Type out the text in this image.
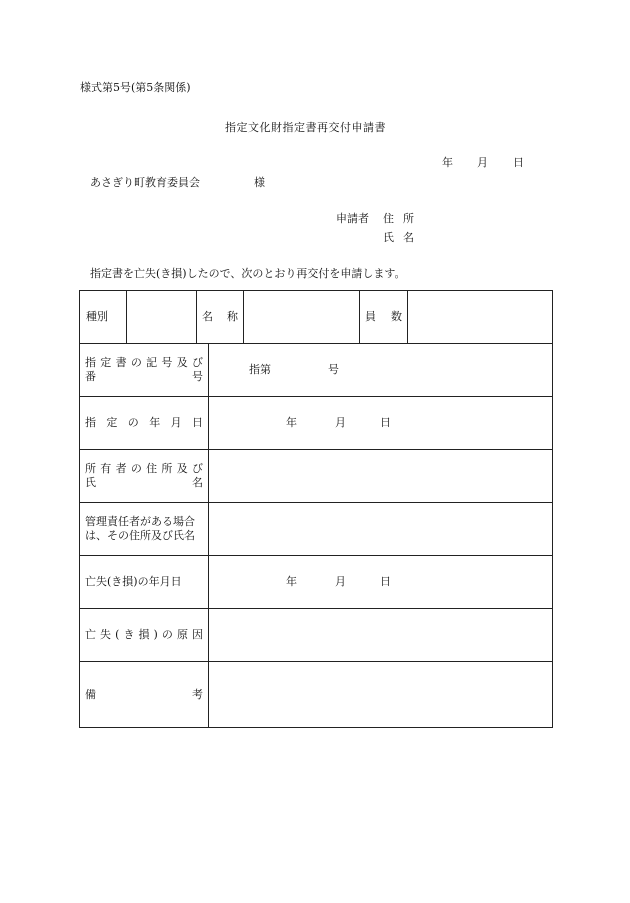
様式第5号(第5条関係)
指定文化財指定書再交付申請書
年 月 日
あさぎり町教育委員会	様
申請者 住所
氏名
指定書を亡失(き損)したので、次のとおり再交付を申請します。
種別		名称			員数	

指定書の記号及び
番 号			指第 号			

指定の年月日			年 月 日			

所有者の住所及び
氏 名						

管理責任者がある場合
は、その住所及び氏名						

亡失(き損)の年月日			年 月 日			

亡失(き損)の原因						

備 考						
